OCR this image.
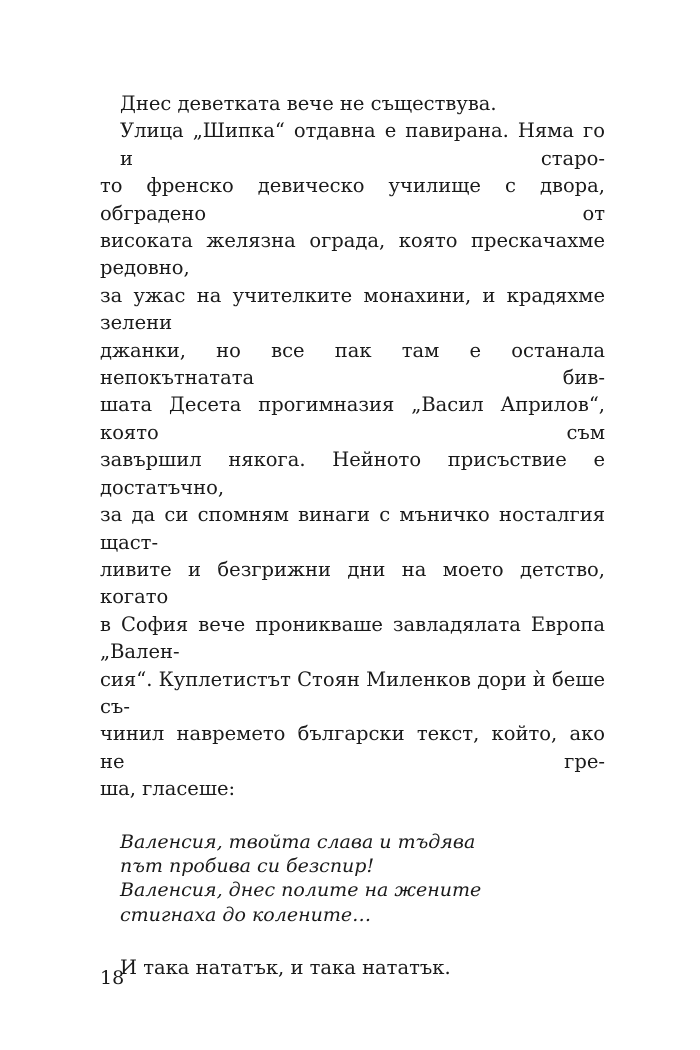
Днес деветката вече не съществува.
Улица „Шипка“ отдавна е павирана. Няма го и старо-
то френско девическо училище с двора, обградено от
високата желязна ограда, която прескачахме редовно,
за ужас на учителките монахини, и крадяхме зелени
джанки, но все пак там е останала непокътнатата бив-
шата Десета прогимназия „Васил Априлов“, която съм
завършил някога. Нейното присъствие е достатъчно,
за да си спомням винаги с мъничко носталгия щаст-
ливите и безгрижни дни на моето детство, когато
в София вече проникваше завладялата Европа „Вален-
сия“. Куплетистът Стоян Миленков дори ѝ беше съ-
чинил навремето български текст, който, ако не гре-
ша, гласеше:
Валенсия, твойта слава и тъдява
път пробива си безспир!
Валенсия, днес полите на жените
стигнаха до колените…
И така нататък, и така нататък.
18
